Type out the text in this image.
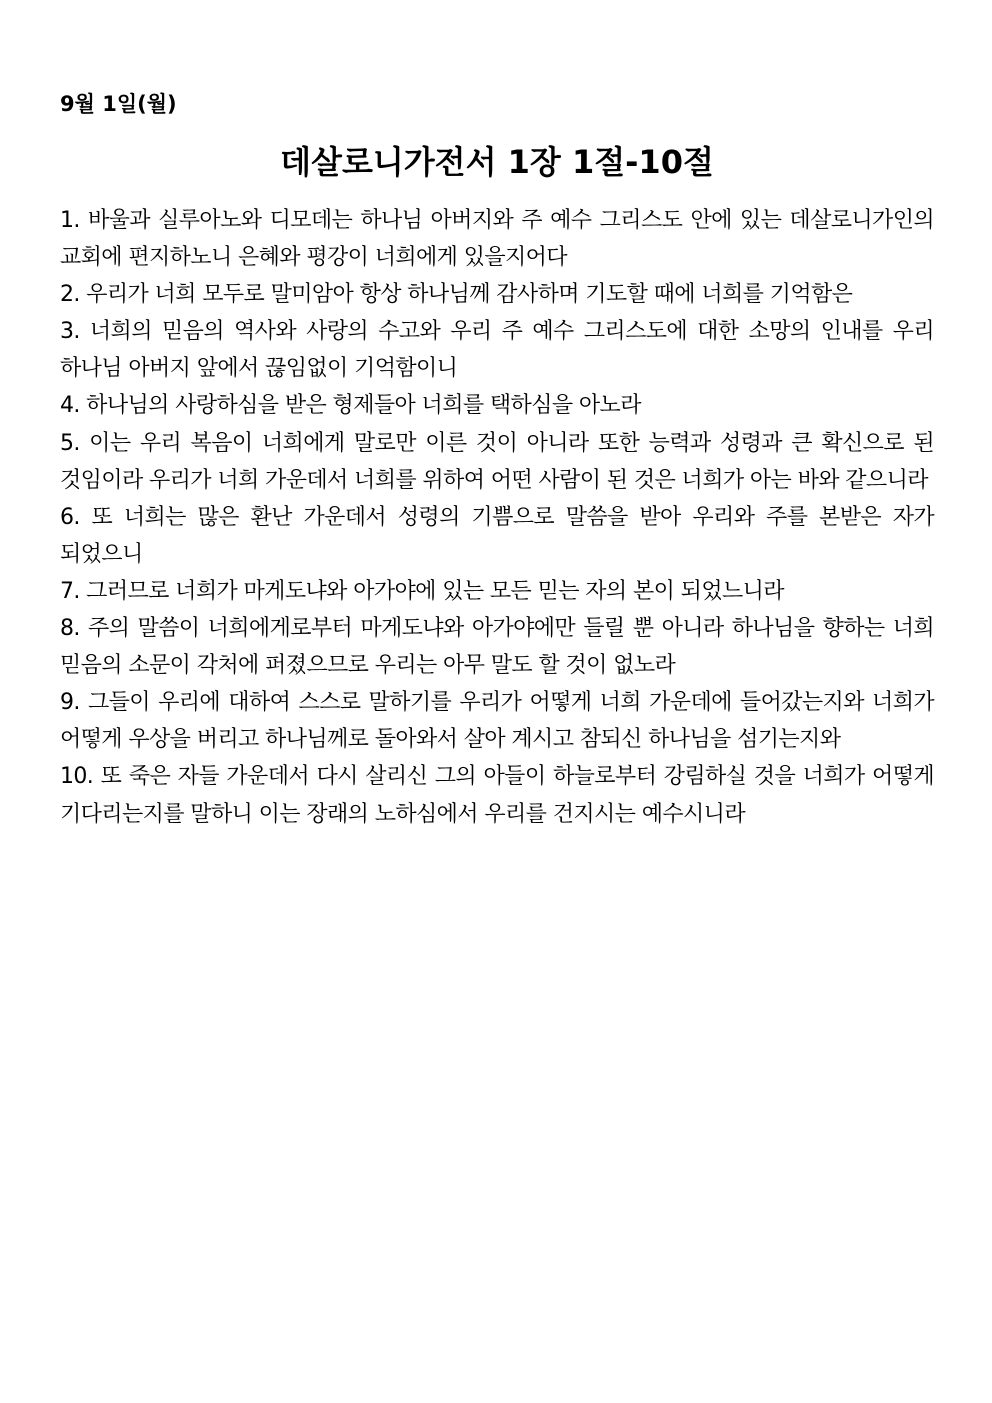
9월 1일(월)
데살로니가전서 1장 1절-10절
1. 바울과 실루아노와 디모데는 하나님 아버지와 주 예수 그리스도 안에 있는 데살로니가인의 교회에 편지하노니 은혜와 평강이 너희에게 있을지어다
2. 우리가 너희 모두로 말미암아 항상 하나님께 감사하며 기도할 때에 너희를 기억함은
3. 너희의 믿음의 역사와 사랑의 수고와 우리 주 예수 그리스도에 대한 소망의 인내를 우리 하나님 아버지 앞에서 끊임없이 기억함이니
4. 하나님의 사랑하심을 받은 형제들아 너희를 택하심을 아노라
5. 이는 우리 복음이 너희에게 말로만 이른 것이 아니라 또한 능력과 성령과 큰 확신으로 된 것임이라 우리가 너희 가운데서 너희를 위하여 어떤 사람이 된 것은 너희가 아는 바와 같으니라
6. 또 너희는 많은 환난 가운데서 성령의 기쁨으로 말씀을 받아 우리와 주를 본받은 자가 되었으니
7. 그러므로 너희가 마게도냐와 아가야에 있는 모든 믿는 자의 본이 되었느니라
8. 주의 말씀이 너희에게로부터 마게도냐와 아가야에만 들릴 뿐 아니라 하나님을 향하는 너희 믿음의 소문이 각처에 퍼졌으므로 우리는 아무 말도 할 것이 없노라
9. 그들이 우리에 대하여 스스로 말하기를 우리가 어떻게 너희 가운데에 들어갔는지와 너희가 어떻게 우상을 버리고 하나님께로 돌아와서 살아 계시고 참되신 하나님을 섬기는지와
10. 또 죽은 자들 가운데서 다시 살리신 그의 아들이 하늘로부터 강림하실 것을 너희가 어떻게 기다리는지를 말하니 이는 장래의 노하심에서 우리를 건지시는 예수시니라
